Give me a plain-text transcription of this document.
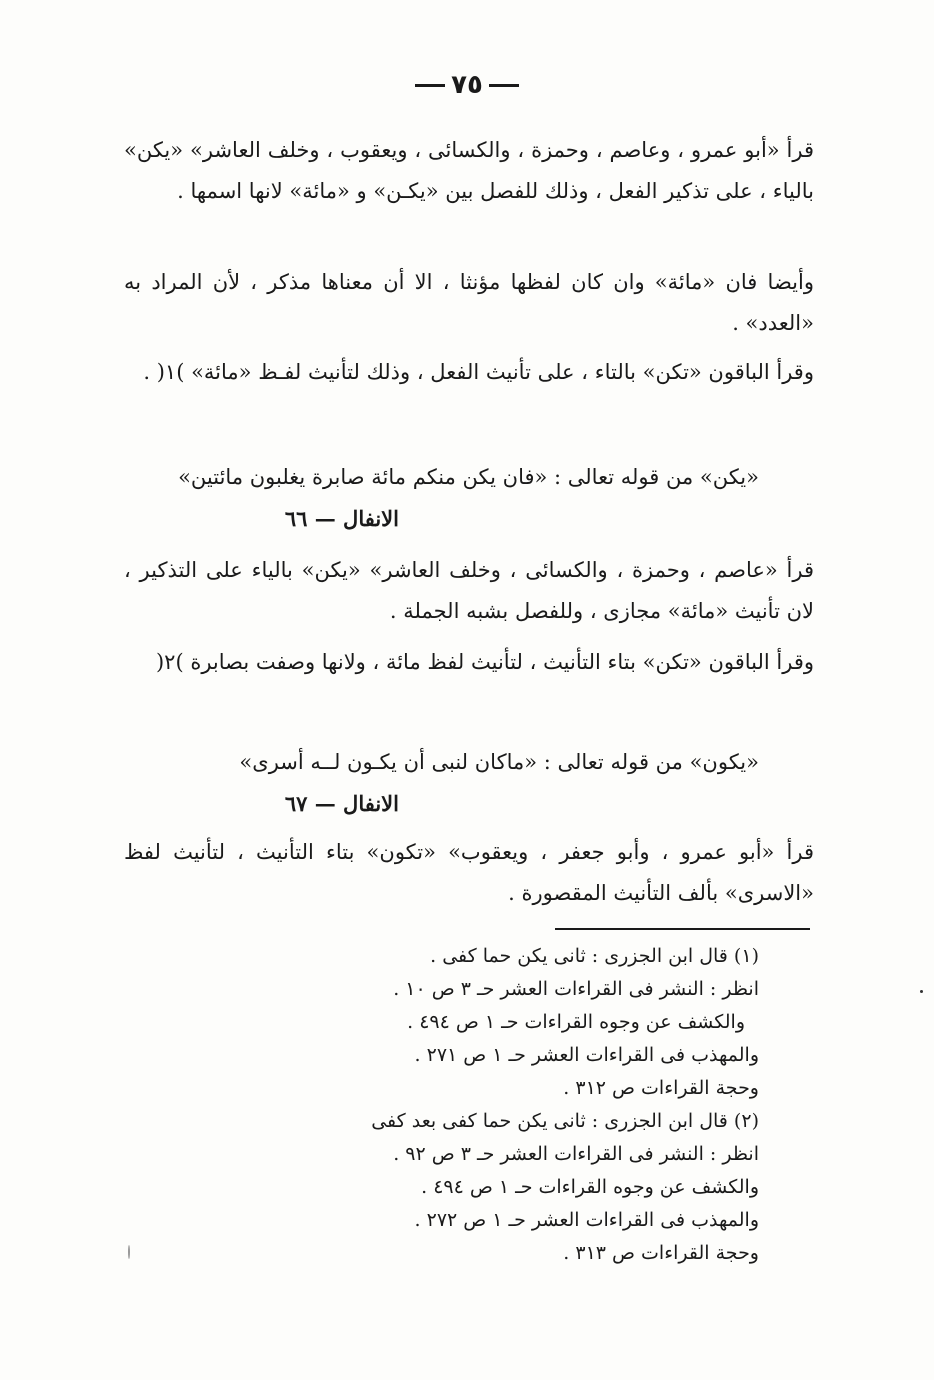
٧٥
قرأ «أبو عمرو ، وعاصم ، وحمزة ، والكسائى ، ويعقوب ، وخلف العاشر» «يكن» بالياء ، على تذكير الفعل ، وذلك للفصل بين «يكـن» و «مائة» لانها اسمها .
وأيضا فان «مائة» وان كان لفظها مؤنثا ، الا أن معناها مذكر ، لأن المراد به «العدد» .
وقرأ الباقون «تكن» بالتاء ، على تأنيث الفعل ، وذلك لتأنيث لفـظ «مائة» )١( .
«يكن» من قوله تعالى : «فان يكن منكم مائة صابرة يغلبون مائتين»
الانفال — ٦٦
قرأ «عاصم ، وحمزة ، والكسائى ، وخلف العاشر» «يكن» بالياء على التذكير ، لان تأنيث «مائة» مجازى ، وللفصل بشبه الجملة .
وقرأ الباقون «تكن» بتاء التأنيث ، لتأنيث لفظ مائة ، ولانها وصفت بصابرة )٢(
«يكون» من قوله تعالى : «ماكان لنبى أن يكـون لــه أسرى»
الانفال — ٦٧
قرأ «أبو عمرو ، وأبو جعفر ، ويعقوب» «تكون» بتاء التأنيث ، لتأنيث لفظ «الاسرى» بألف التأنيث المقصورة .
(١) قال ابن الجزرى : ثانى يكن حما كفى .
انظر : النشر فى القراءات العشر حـ ٣ ص ١٠ .
والكشف عن وجوه القراءات حـ ١ ص ٤٩٤ .
والمهذب فى القراءات العشر حـ ١ ص ٢٧١ .
وحجة القراءات ص ٣١٢ .
(٢) قال ابن الجزرى : ثانى يكن حما كفى بعد كفى
انظر : النشر فى القراءات العشر حـ ٣ ص ٩٢ .
والكشف عن وجوه القراءات حـ ١ ص ٤٩٤ .
والمهذب فى القراءات العشر حـ ١ ص ٢٧٢ .
وحجة القراءات ص ٣١٣ .
